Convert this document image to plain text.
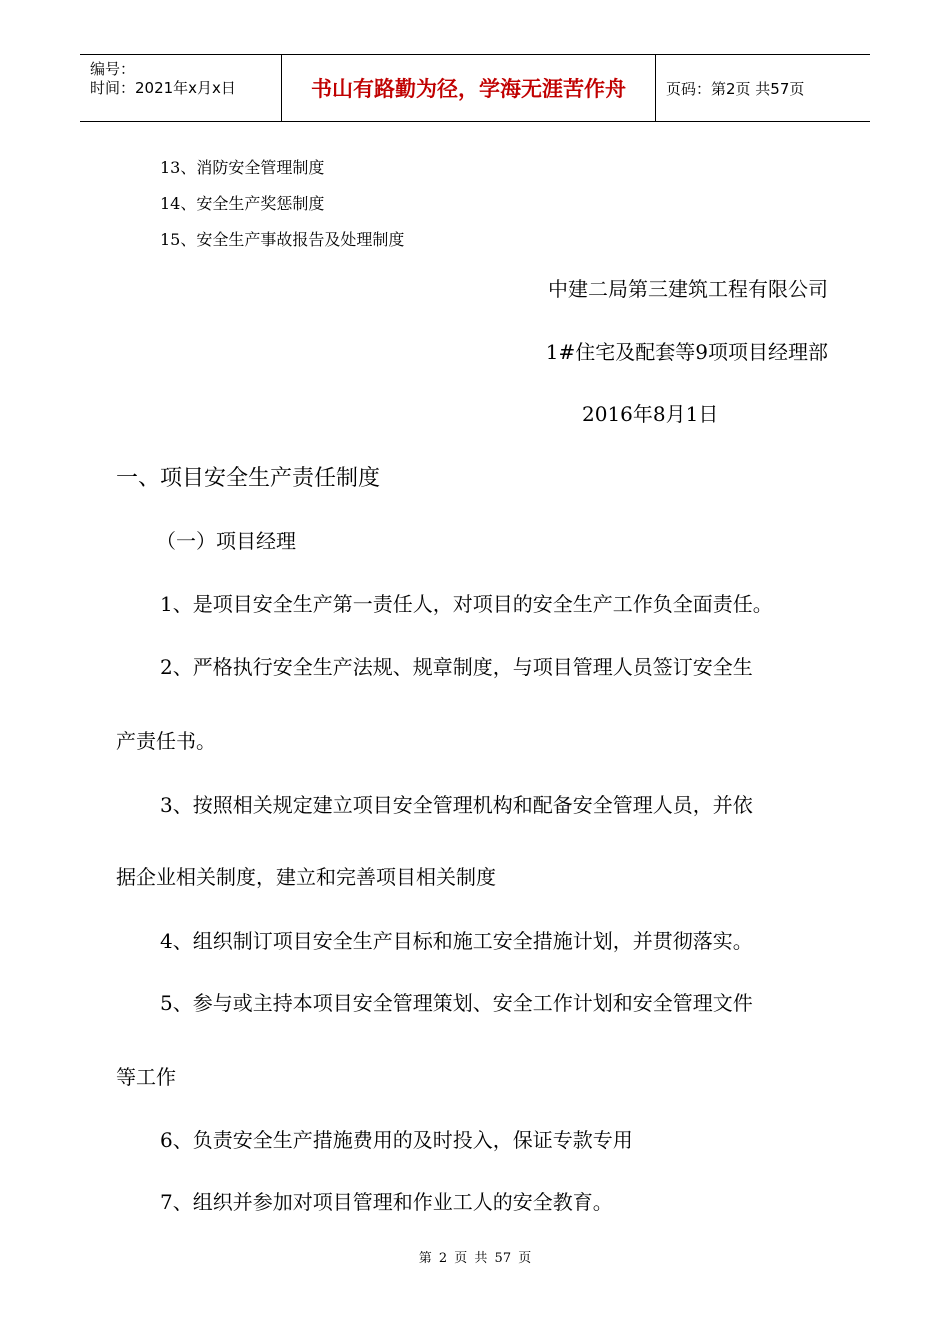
编号：
时间：2021年x月x日	书山有路勤为径，学海无涯苦作舟	页码：第2页 共57页
13、消防安全管理制度
14、安全生产奖惩制度
15、安全生产事故报告及处理制度
中建二局第三建筑工程有限公司
1#住宅及配套等9项项目经理部
2016年8月1日
一、项目安全生产责任制度
（一）项目经理
1、是项目安全生产第一责任人，对项目的安全生产工作负全面责任。
2、严格执行安全生产法规、规章制度，与项目管理人员签订安全生
产责任书。
3、按照相关规定建立项目安全管理机构和配备安全管理人员，并依
据企业相关制度，建立和完善项目相关制度
4、组织制订项目安全生产目标和施工安全措施计划，并贯彻落实。
5、参与或主持本项目安全管理策划、安全工作计划和安全管理文件
等工作
6、负责安全生产措施费用的及时投入，保证专款专用
7、组织并参加对项目管理和作业工人的安全教育。
第 2 页 共 57 页
